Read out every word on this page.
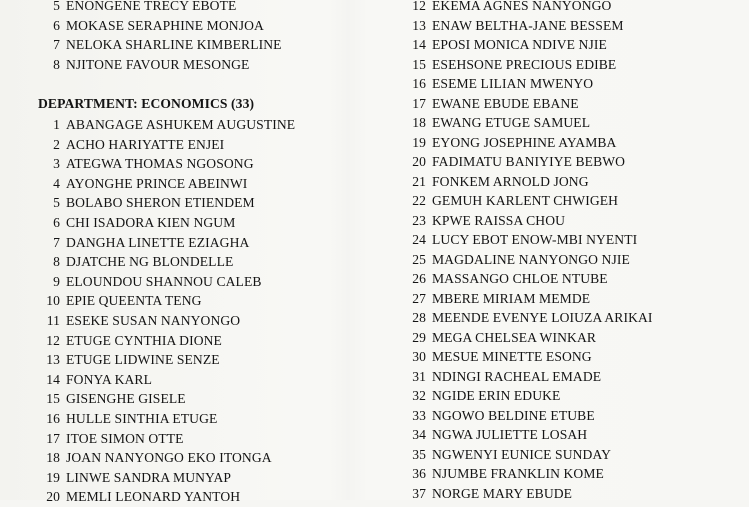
5 ENONGENE TRECY EBOTE
6 MOKASE SERAPHINE MONJOA
7 NELOKA SHARLINE KIMBERLINE
8 NJITONE FAVOUR MESONGE
DEPARTMENT: ECONOMICS (33)
1 ABANGAGE ASHUKEM AUGUSTINE
2 ACHO HARIYATTE ENJEI
3 ATEGWA THOMAS NGOSONG
4 AYONGHE PRINCE ABEINWI
5 BOLABO SHERON ETIENDEM
6 CHI ISADORA KIEN NGUM
7 DANGHA LINETTE EZIAGHA
8 DJATCHE NG BLONDELLE
9 ELOUNDOU SHANNOU CALEB
10 EPIE QUEENTA TENG
11 ESEKE SUSAN NANYONGO
12 ETUGE CYNTHIA DIONE
13 ETUGE LIDWINE SENZE
14 FONYA KARL
15 GISENGHE GISELE
16 HULLE SINTHIA ETUGE
17 ITOE SIMON OTTE
18 JOAN NANYONGO EKO ITONGA
19 LINWE SANDRA MUNYAP
20 MEMLI LEONARD YANTOH
12 EKEMA AGNES NANYONGO
13 ENAW BELTHA-JANE BESSEM
14 EPOSI MONICA NDIVE NJIE
15 ESEHSONE PRECIOUS EDIBE
16 ESEME LILIAN MWENYO
17 EWANE EBUDE EBANE
18 EWANG ETUGE SAMUEL
19 EYONG JOSEPHINE AYAMBA
20 FADIMATU BANIYIYE BEBWO
21 FONKEM ARNOLD JONG
22 GEMUH KARLENT CHWIGEH
23 KPWE RAISSA CHOU
24 LUCY EBOT ENOW-MBI NYENTI
25 MAGDALINE NANYONGO NJIE
26 MASSANGO CHLOE NTUBE
27 MBERE MIRIAM MEMDE
28 MEENDE EVENYE LOIUZA ARIKAI
29 MEGA CHELSEA WINKAR
30 MESUE MINETTE ESONG
31 NDINGI RACHEAL EMADE
32 NGIDE ERIN EDUKE
33 NGOWO BELDINE ETUBE
34 NGWA JULIETTE LOSAH
35 NGWENYI EUNICE SUNDAY
36 NJUMBE FRANKLIN KOME
37 NORGE MARY EBUDE
